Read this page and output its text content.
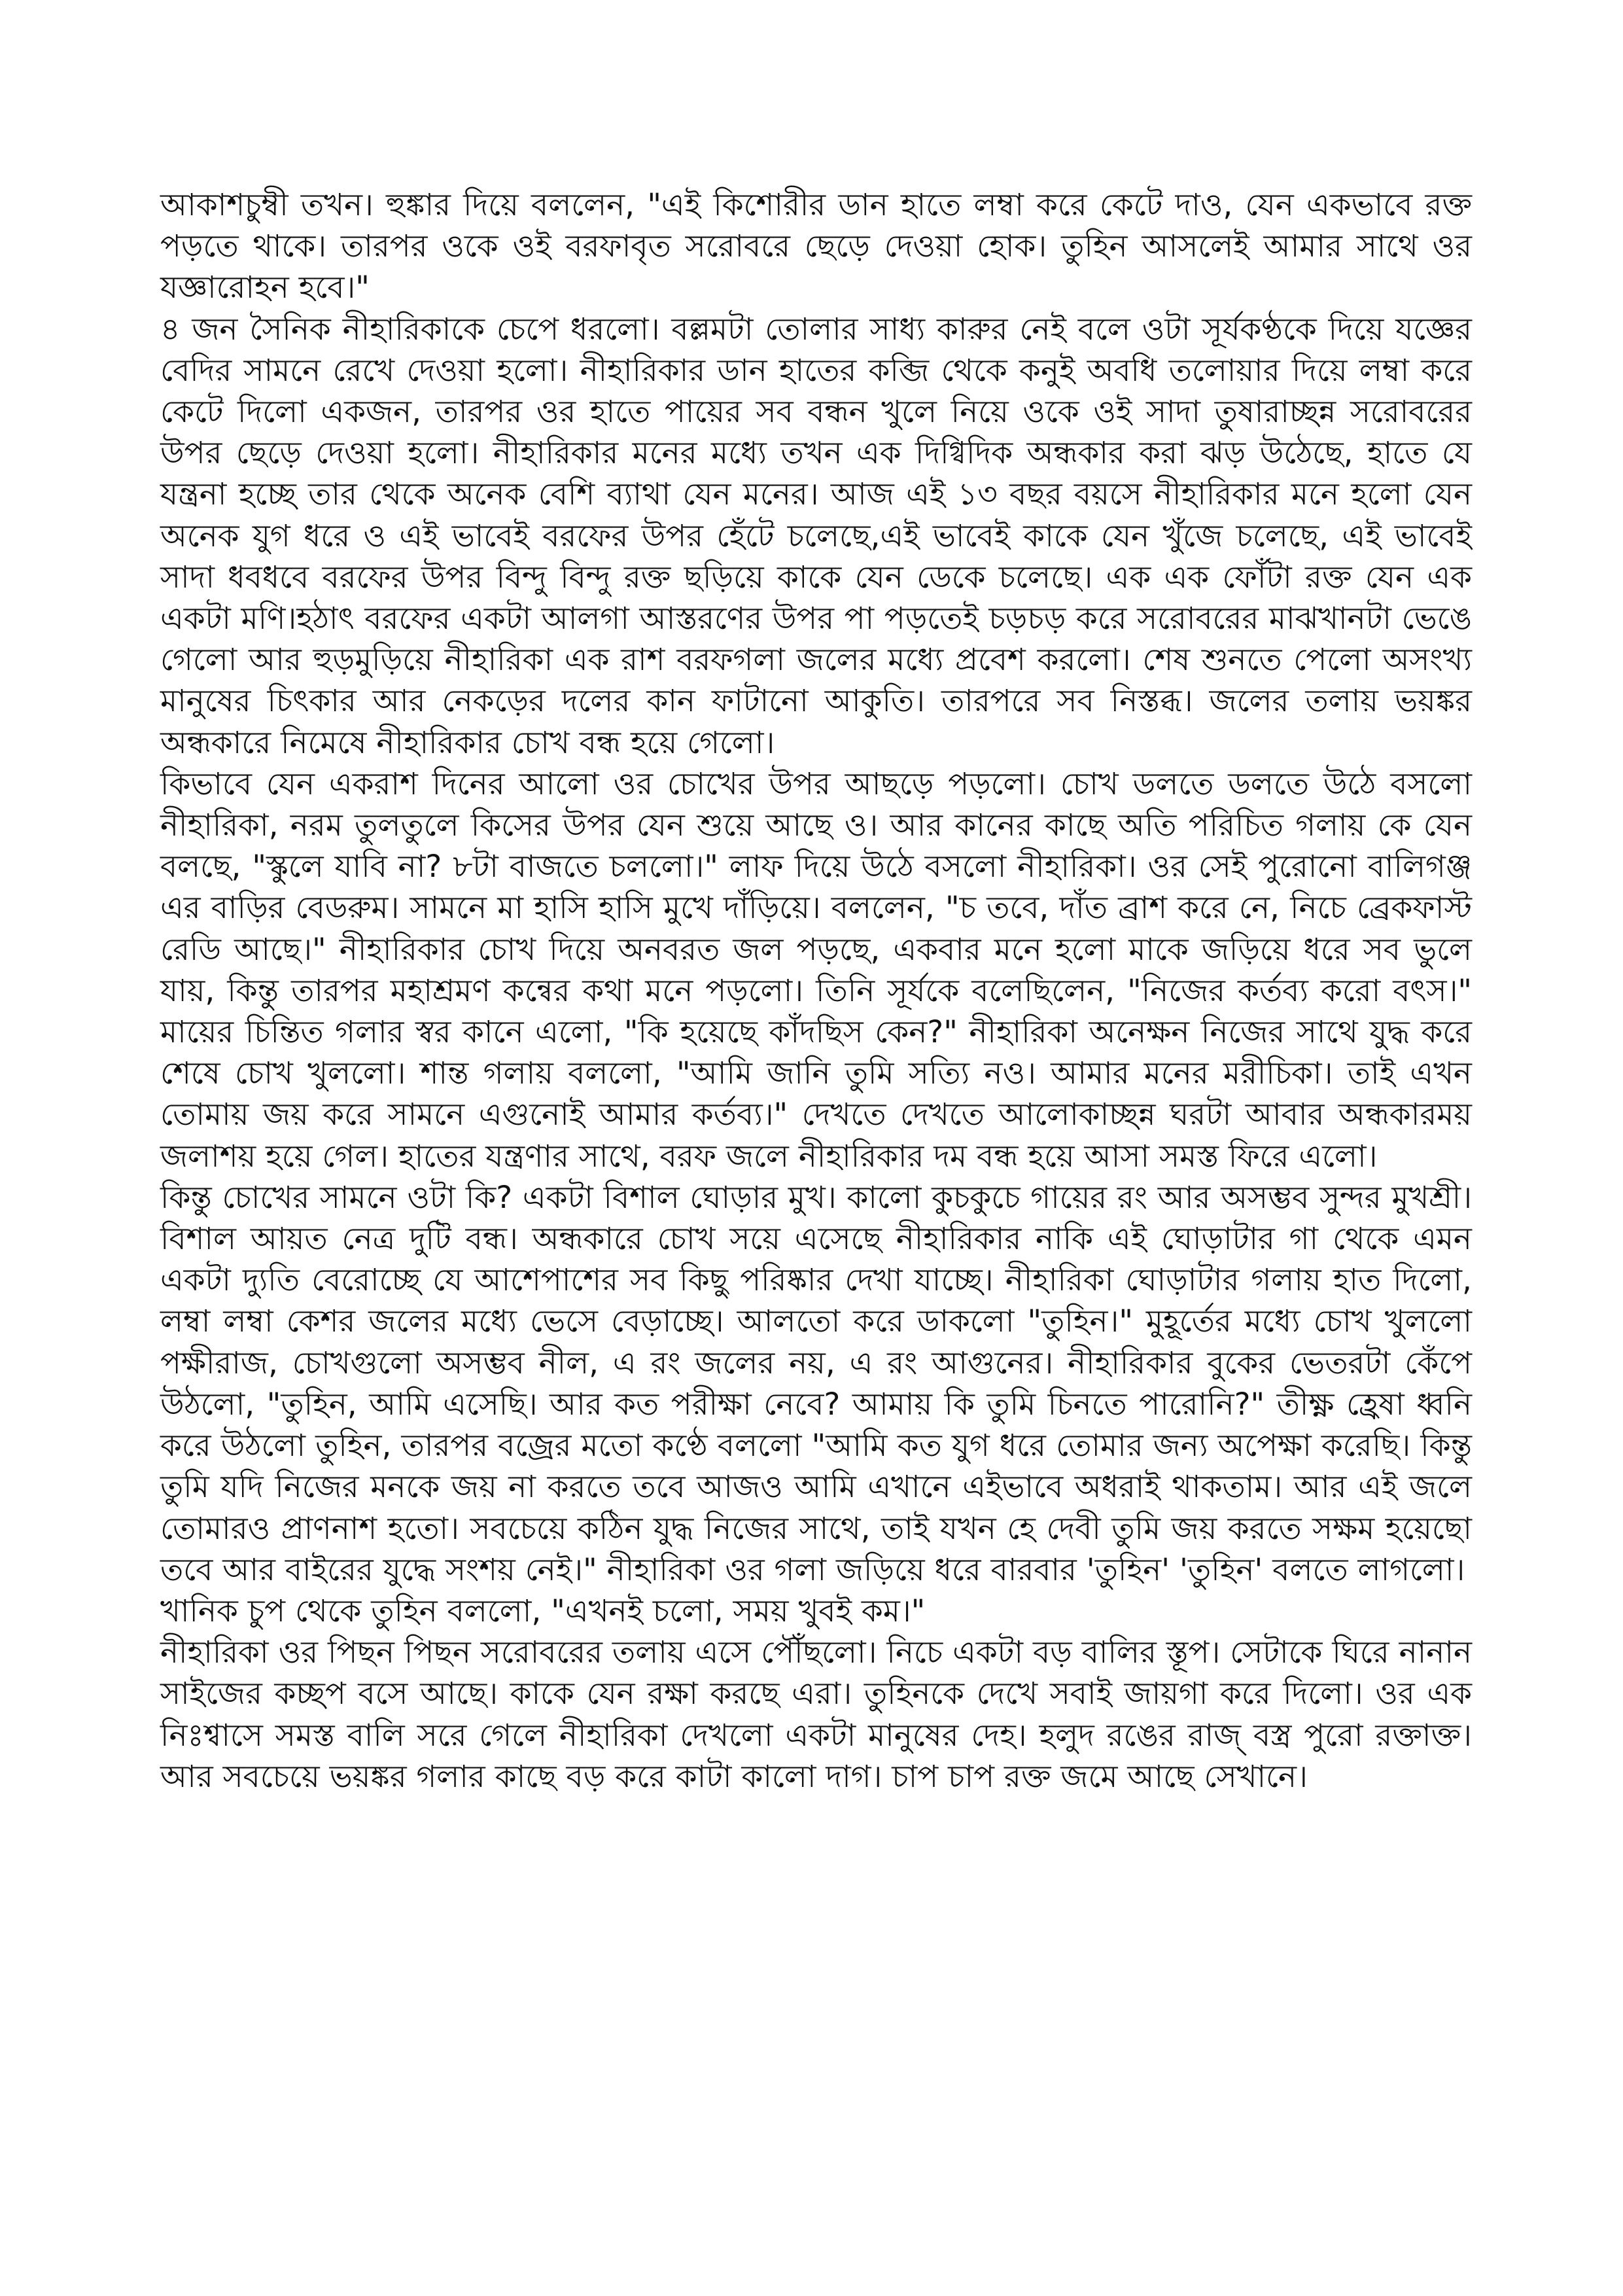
আকাশচুম্বী তখন। হুঙ্কার দিয়ে বললেন, "এই কিশোরীর ডান হাতে লম্বা করে কেটে দাও, যেন একভাবে রক্ত পড়তে থাকে। তারপর ওকে ওই বরফাবৃত সরোবরে ছেড়ে দেওয়া হোক। তুহিন আসলেই আমার সাথে ওর যজ্ঞারোহন হবে।"

৪ জন সৈনিক নীহারিকাকে চেপে ধরলো। বল্লমটা তোলার সাধ্য কারুর নেই বলে ওটা সূর্যকণ্ঠকে দিয়ে যজ্ঞের বেদির সামনে রেখে দেওয়া হলো। নীহারিকার ডান হাতের কব্জি থেকে কনুই অবধি তলোয়ার দিয়ে লম্বা করে কেটে দিলো একজন, তারপর ওর হাতে পায়ের সব বন্ধন খুলে নিয়ে ওকে ওই সাদা তুষারাচ্ছন্ন সরোবরের উপর ছেড়ে দেওয়া হলো। নীহারিকার মনের মধ্যে তখন এক দিগ্বিদিক অন্ধকার করা ঝড় উঠেছে, হাতে যে যন্ত্রনা হচ্ছে তার থেকে অনেক বেশি ব্যাথা যেন মনের। আজ এই ১৩ বছর বয়সে নীহারিকার মনে হলো যেন অনেক যুগ ধরে ও এই ভাবেই বরফের উপর হেঁটে চলেছে,এই ভাবেই কাকে যেন খুঁজে চলেছে, এই ভাবেই সাদা ধবধবে বরফের উপর বিন্দু বিন্দু রক্ত ছড়িয়ে কাকে যেন ডেকে চলেছে। এক এক ফোঁটা রক্ত যেন এক একটা মণি।হঠাৎ বরফের একটা আলগা আস্তরণের উপর পা পড়তেই চড়চড় করে সরোবরের মাঝখানটা ভেঙে গেলো আর হুড়মুড়িয়ে নীহারিকা এক রাশ বরফগলা জলের মধ্যে প্রবেশ করলো। শেষ শুনতে পেলো অসংখ্য মানুষের চিৎকার আর নেকড়ের দলের কান ফাটানো আকুতি। তারপরে সব নিস্তব্ধ। জলের তলায় ভয়ঙ্কর অন্ধকারে নিমেষে নীহারিকার চোখ বন্ধ হয়ে গেলো।

কিভাবে যেন একরাশ দিনের আলো ওর চোখের উপর আছড়ে পড়লো। চোখ ডলতে ডলতে উঠে বসলো নীহারিকা, নরম তুলতুলে কিসের উপর যেন শুয়ে আছে ও। আর কানের কাছে অতি পরিচিত গলায় কে যেন বলছে, "স্কুলে যাবি না? ৮টা বাজতে চললো।" লাফ দিয়ে উঠে বসলো নীহারিকা। ওর সেই পুরোনো বালিগঞ্জ এর বাড়ির বেডরুম। সামনে মা হাসি হাসি মুখে দাঁড়িয়ে। বললেন, "চ তবে, দাঁত ব্রাশ করে নে, নিচে ব্রেকফাস্ট রেডি আছে।" নীহারিকার চোখ দিয়ে অনবরত জল পড়ছে, একবার মনে হলো মাকে জড়িয়ে ধরে সব ভুলে যায়, কিন্তু তারপর মহাশ্রমণ কন্বের কথা মনে পড়লো। তিনি সূর্যকে বলেছিলেন, "নিজের কর্তব্য করো বৎস।" মায়ের চিন্তিত গলার স্বর কানে এলো, "কি হয়েছে কাঁদছিস কেন?" নীহারিকা অনেক্ষন নিজের সাথে যুদ্ধ করে শেষে চোখ খুললো। শান্ত গলায় বললো, "আমি জানি তুমি সত্যি নও। আমার মনের মরীচিকা। তাই এখন তোমায় জয় করে সামনে এগুনোই আমার কর্তব্য।" দেখতে দেখতে আলোকাচ্ছন্ন ঘরটা আবার অন্ধকারময় জলাশয় হয়ে গেল। হাতের যন্ত্রণার সাথে, বরফ জলে নীহারিকার দম বন্ধ হয়ে আসা সমস্ত ফিরে এলো।

কিন্তু চোখের সামনে ওটা কি? একটা বিশাল ঘোড়ার মুখ। কালো কুচকুচে গায়ের রং আর অসম্ভব সুন্দর মুখশ্রী। বিশাল আয়ত নেত্র দুটি বন্ধ। অন্ধকারে চোখ সয়ে এসেছে নীহারিকার নাকি এই ঘোড়াটার গা থেকে এমন একটা দ্যুতি বেরোচ্ছে যে আশেপাশের সব কিছু পরিষ্কার দেখা যাচ্ছে। নীহারিকা ঘোড়াটার গলায় হাত দিলো, লম্বা লম্বা কেশর জলের মধ্যে ভেসে বেড়াচ্ছে। আলতো করে ডাকলো "তুহিন।" মুহূর্তের মধ্যে চোখ খুললো পক্ষীরাজ, চোখগুলো অসম্ভব নীল, এ রং জলের নয়, এ রং আগুনের। নীহারিকার বুকের ভেতরটা কেঁপে উঠলো, "তুহিন, আমি এসেছি। আর কত পরীক্ষা নেবে? আমায় কি তুমি চিনতে পারোনি?" তীক্ষ্ণ হ্রেষা ধ্বনি করে উঠলো তুহিন, তারপর বজ্রের মতো কণ্ঠে বললো "আমি কত যুগ ধরে তোমার জন্য অপেক্ষা করেছি। কিন্তু তুমি যদি নিজের মনকে জয় না করতে তবে আজও আমি এখানে এইভাবে অধরাই থাকতাম। আর এই জলে তোমারও প্রাণনাশ হতো। সবচেয়ে কঠিন যুদ্ধ নিজের সাথে, তাই যখন হে দেবী তুমি জয় করতে সক্ষম হয়েছো তবে আর বাইরের যুদ্ধে সংশয় নেই।" নীহারিকা ওর গলা জড়িয়ে ধরে বারবার 'তুহিন' 'তুহিন' বলতে লাগলো।

খানিক চুপ থেকে তুহিন বললো, "এখনই চলো, সময় খুবই কম।"

নীহারিকা ওর পিছন পিছন সরোবরের তলায় এসে পৌঁছলো। নিচে একটা বড় বালির স্তূপ। সেটাকে ঘিরে নানান সাইজের কচ্ছপ বসে আছে। কাকে যেন রক্ষা করছে এরা। তুহিনকে দেখে সবাই জায়গা করে দিলো। ওর এক নিঃশ্বাসে সমস্ত বালি সরে গেলে নীহারিকা দেখলো একটা মানুষের দেহ। হলুদ রঙের রাজ্ বস্ত্র পুরো রক্তাক্ত। আর সবচেয়ে ভয়ঙ্কর গলার কাছে বড় করে কাটা কালো দাগ। চাপ চাপ রক্ত জমে আছে সেখানে।
